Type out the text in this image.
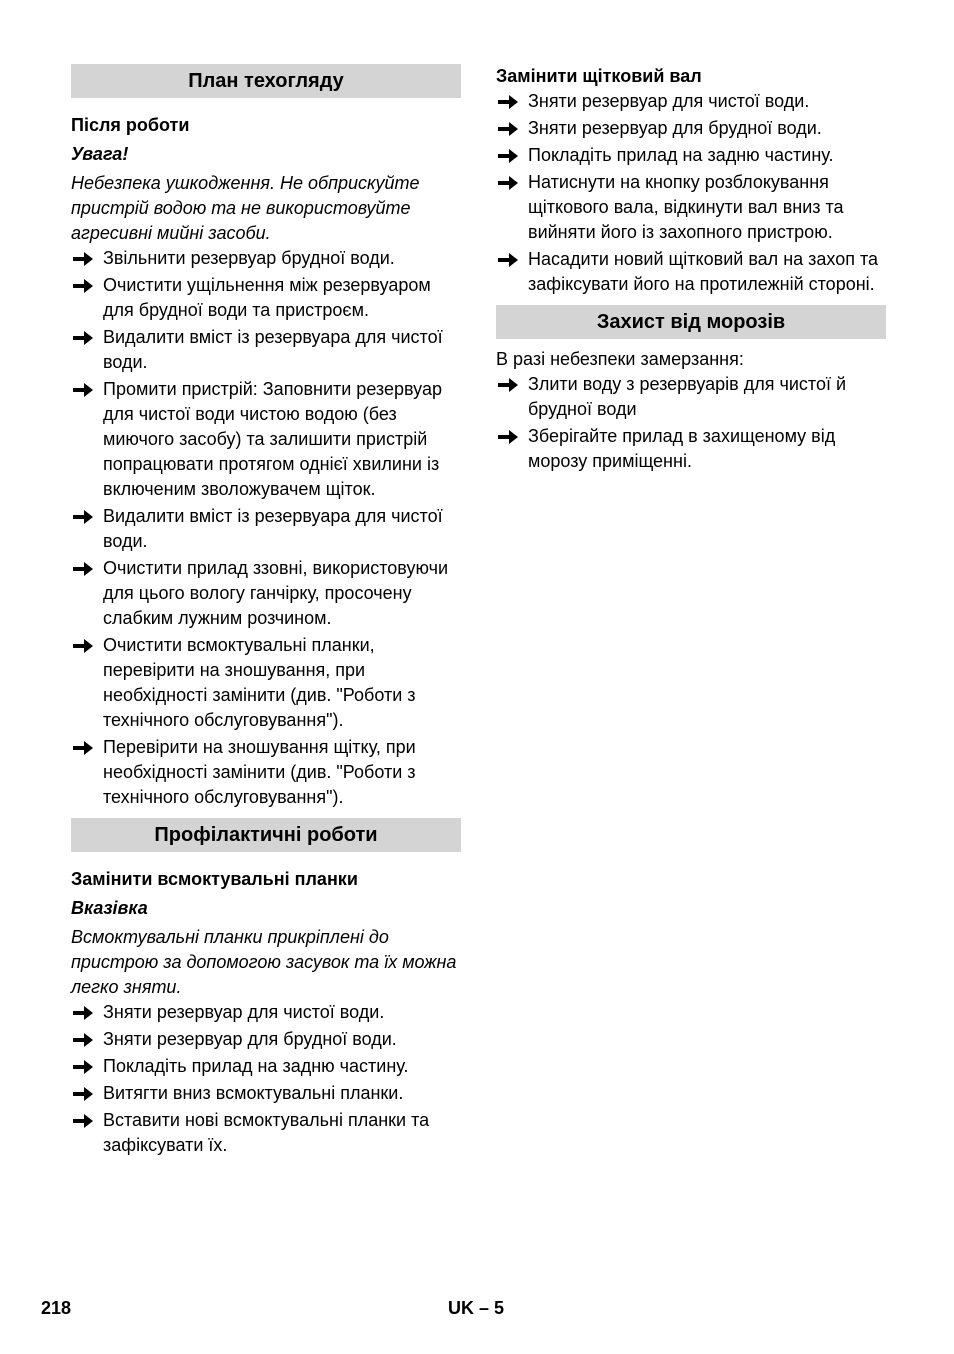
План техогляду
Після роботи
Увага!
Небезпека ушкодження. Не обприскуйте пристрій водою та не використовуйте агресивні мийні засоби.
Звільнити резервуар брудної води.
Очистити ущільнення між резервуаром для брудної води та пристроєм.
Видалити вміст із резервуара для чистої води.
Промити пристрій: Заповнити резервуар для чистої води чистою водою (без миючого засобу) та залишити пристрій попрацювати протягом однієї хвилини із включеним зволожувачем щіток.
Видалити вміст із резервуара для чистої води.
Очистити прилад ззовні, використовуючи для цього вологу ганчірку, просочену слабким лужним розчином.
Очистити всмоктувальні планки, перевірити на зношування, при необхідності замінити (див. "Роботи з технічного обслуговування").
Перевірити на зношування щітку, при необхідності замінити (див. "Роботи з технічного обслуговування").
Профілактичні роботи
Замінити всмоктувальні планки
Вказівка
Всмоктувальні планки прикріплені до пристрою за допомогою засувок та їх можна легко зняти.
Зняти резервуар для чистої води.
Зняти резервуар для брудної води.
Покладіть прилад на задню частину.
Витягти вниз всмоктувальні планки.
Вставити нові всмоктувальні планки та зафіксувати їх.
Замінити щітковий вал
Зняти резервуар для чистої води.
Зняти резервуар для брудної води.
Покладіть прилад на задню частину.
Натиснути на кнопку розблокування щіткового вала, відкинути вал вниз та вийняти його із захопного пристрою.
Насадити новий щітковий вал на захоп та зафіксувати його на протилежній стороні.
Захист від морозів
В разі небезпеки замерзання:
Злити воду з резервуарів для чистої й брудної води
Зберігайте прилад в захищеному від морозу приміщенні.
218	UK – 5
